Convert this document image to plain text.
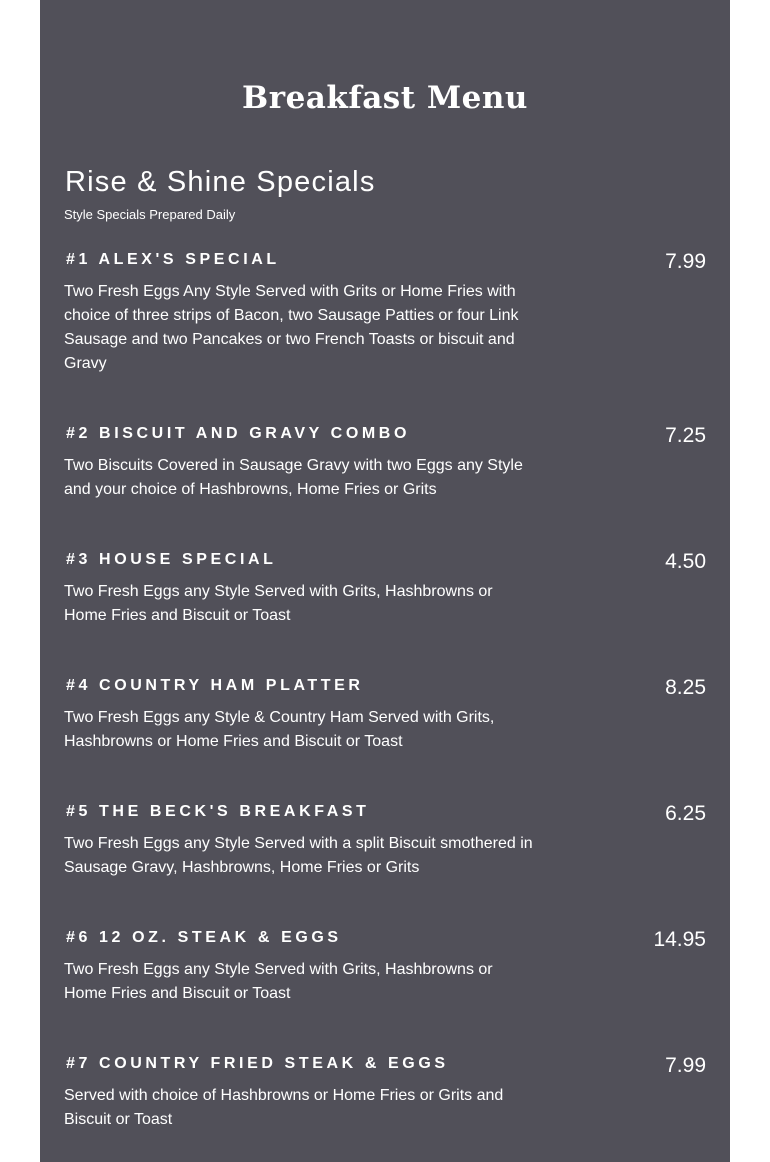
Breakfast Menu
Rise & Shine Specials

Style Specials Prepared Daily

#1 ALEX'S SPECIAL	7.99

Two Fresh Eggs Any Style Served with Grits or Home Fries with choice of three strips of Bacon, two Sausage Patties or four Link Sausage and two Pancakes or two French Toasts or biscuit and Gravy

#2 BISCUIT AND GRAVY COMBO	7.25

Two Biscuits Covered in Sausage Gravy with two Eggs any Style and your choice of Hashbrowns, Home Fries or Grits

#3 HOUSE SPECIAL	4.50

Two Fresh Eggs any Style Served with Grits, Hashbrowns or Home Fries and Biscuit or Toast

#4 COUNTRY HAM PLATTER	8.25

Two Fresh Eggs any Style & Country Ham Served with Grits, Hashbrowns or Home Fries and Biscuit or Toast

#5 THE BECK'S BREAKFAST	6.25

Two Fresh Eggs any Style Served with a split Biscuit smothered in Sausage Gravy, Hashbrowns, Home Fries or Grits

#6 12 OZ. STEAK & EGGS	14.95

Two Fresh Eggs any Style Served with Grits, Hashbrowns or Home Fries and Biscuit or Toast

#7 COUNTRY FRIED STEAK & EGGS	7.99

Served with choice of Hashbrowns or Home Fries or Grits and Biscuit or Toast
